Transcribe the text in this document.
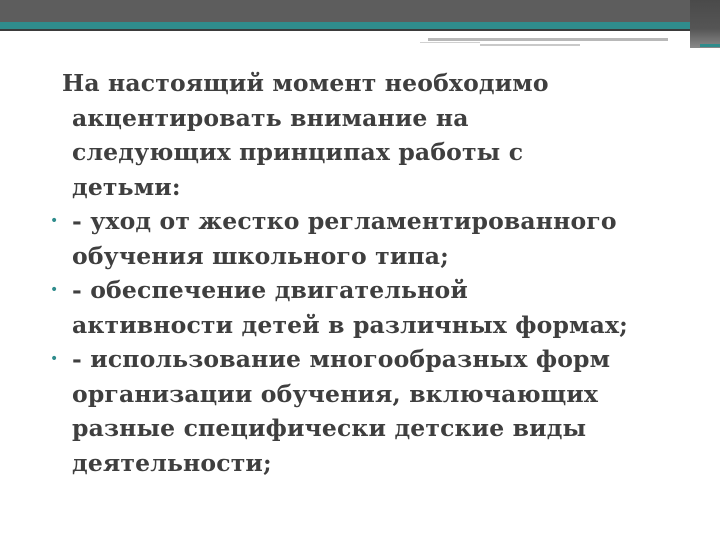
На настоящий момент необходимо
акцентировать внимание на
следующих принципах работы с
детьми:

• - уход от жестко регламентированного
обучения школьного типа;
• - обеспечение двигательной
активности детей в различных формах;
• - использование многообразных форм
организации обучения, включающих
разные специфически детские виды
деятельности;
